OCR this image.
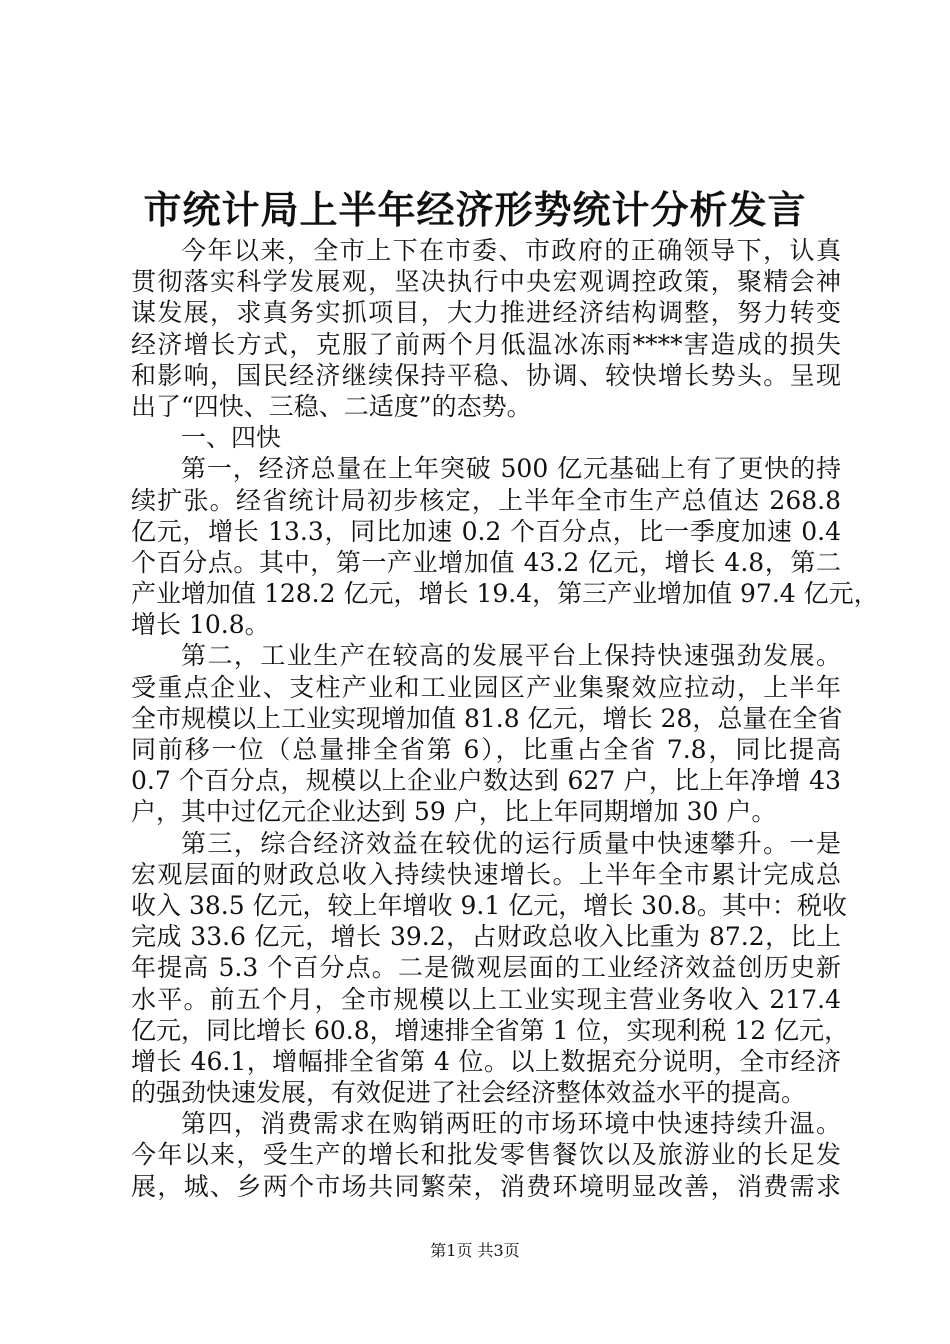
市统计局上半年经济形势统计分析发言
今年以来，全市上下在市委、市政府的正确领导下，认真
贯彻落实科学发展观，坚决执行中央宏观调控政策，聚精会神
谋发展，求真务实抓项目，大力推进经济结构调整，努力转变
经济增长方式，克服了前两个月低温冰冻雨****害造成的损失
和影响，国民经济继续保持平稳、协调、较快增长势头。呈现
出了“四快、三稳、二适度”的态势。
一、四快
第一，经济总量在上年突破 500 亿元基础上有了更快的持
续扩张。经省统计局初步核定，上半年全市生产总值达 268.8
亿元，增长 13.3，同比加速 0.2 个百分点，比一季度加速 0.4
个百分点。其中，第一产业增加值 43.2 亿元，增长 4.8，第二
产业增加值 128.2 亿元，增长 19.4，第三产业增加值 97.4 亿元，
增长 10.8。
第二，工业生产在较高的发展平台上保持快速强劲发展。
受重点企业、支柱产业和工业园区产业集聚效应拉动，上半年
全市规模以上工业实现增加值 81.8 亿元，增长 28，总量在全省
同前移一位（总量排全省第 6），比重占全省 7.8，同比提高
0.7 个百分点，规模以上企业户数达到 627 户，比上年净增 43
户，其中过亿元企业达到 59 户，比上年同期增加 30 户。
第三，综合经济效益在较优的运行质量中快速攀升。一是
宏观层面的财政总收入持续快速增长。上半年全市累计完成总
收入 38.5 亿元，较上年增收 9.1 亿元，增长 30.8。其中：税收
完成 33.6 亿元，增长 39.2，占财政总收入比重为 87.2，比上
年提高 5.3 个百分点。二是微观层面的工业经济效益创历史新
水平。前五个月，全市规模以上工业实现主营业务收入 217.4
亿元，同比增长 60.8，增速排全省第 1 位，实现利税 12 亿元，
增长 46.1，增幅排全省第 4 位。以上数据充分说明，全市经济
的强劲快速发展，有效促进了社会经济整体效益水平的提高。
第四，消费需求在购销两旺的市场环境中快速持续升温。
今年以来，受生产的增长和批发零售餐饮以及旅游业的长足发
展，城、乡两个市场共同繁荣，消费环境明显改善，消费需求
第1页 共3页
